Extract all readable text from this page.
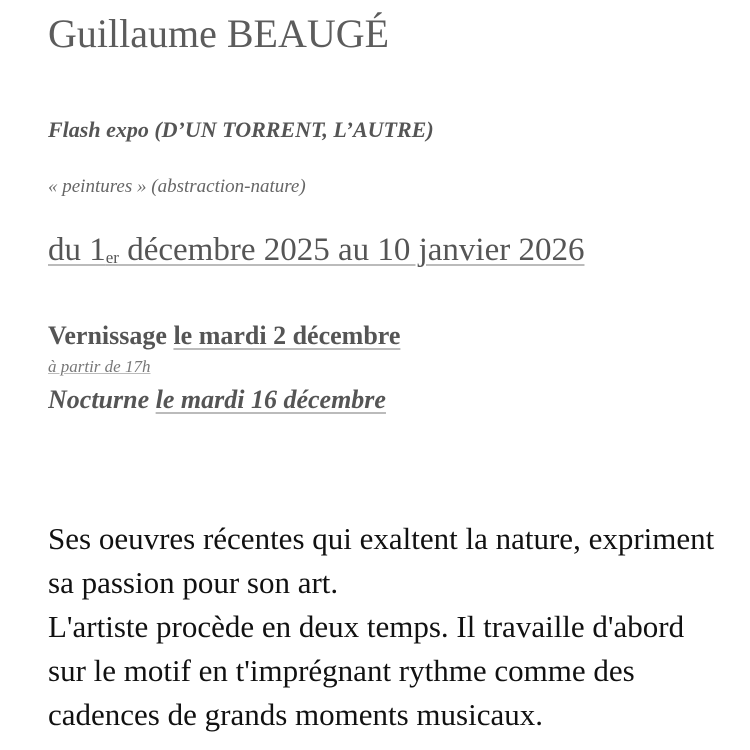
Guillaume BEAUGÉ
Flash expo (D’UN TORRENT, L’AUTRE)
« peintures » (abstraction-nature)
du 1er décembre 2025 au 10 janvier 2026
Vernissage le mardi 2 décembre
à partir de 17h
Nocturne le mardi 16 décembre

Ses oeuvres récentes qui exaltent la nature, expriment sa passion pour son art.

L'artiste procède en deux temps. Il travaille d'abord sur le motif en t'imprégnant rythme comme des cadences de grands moments musicaux.
